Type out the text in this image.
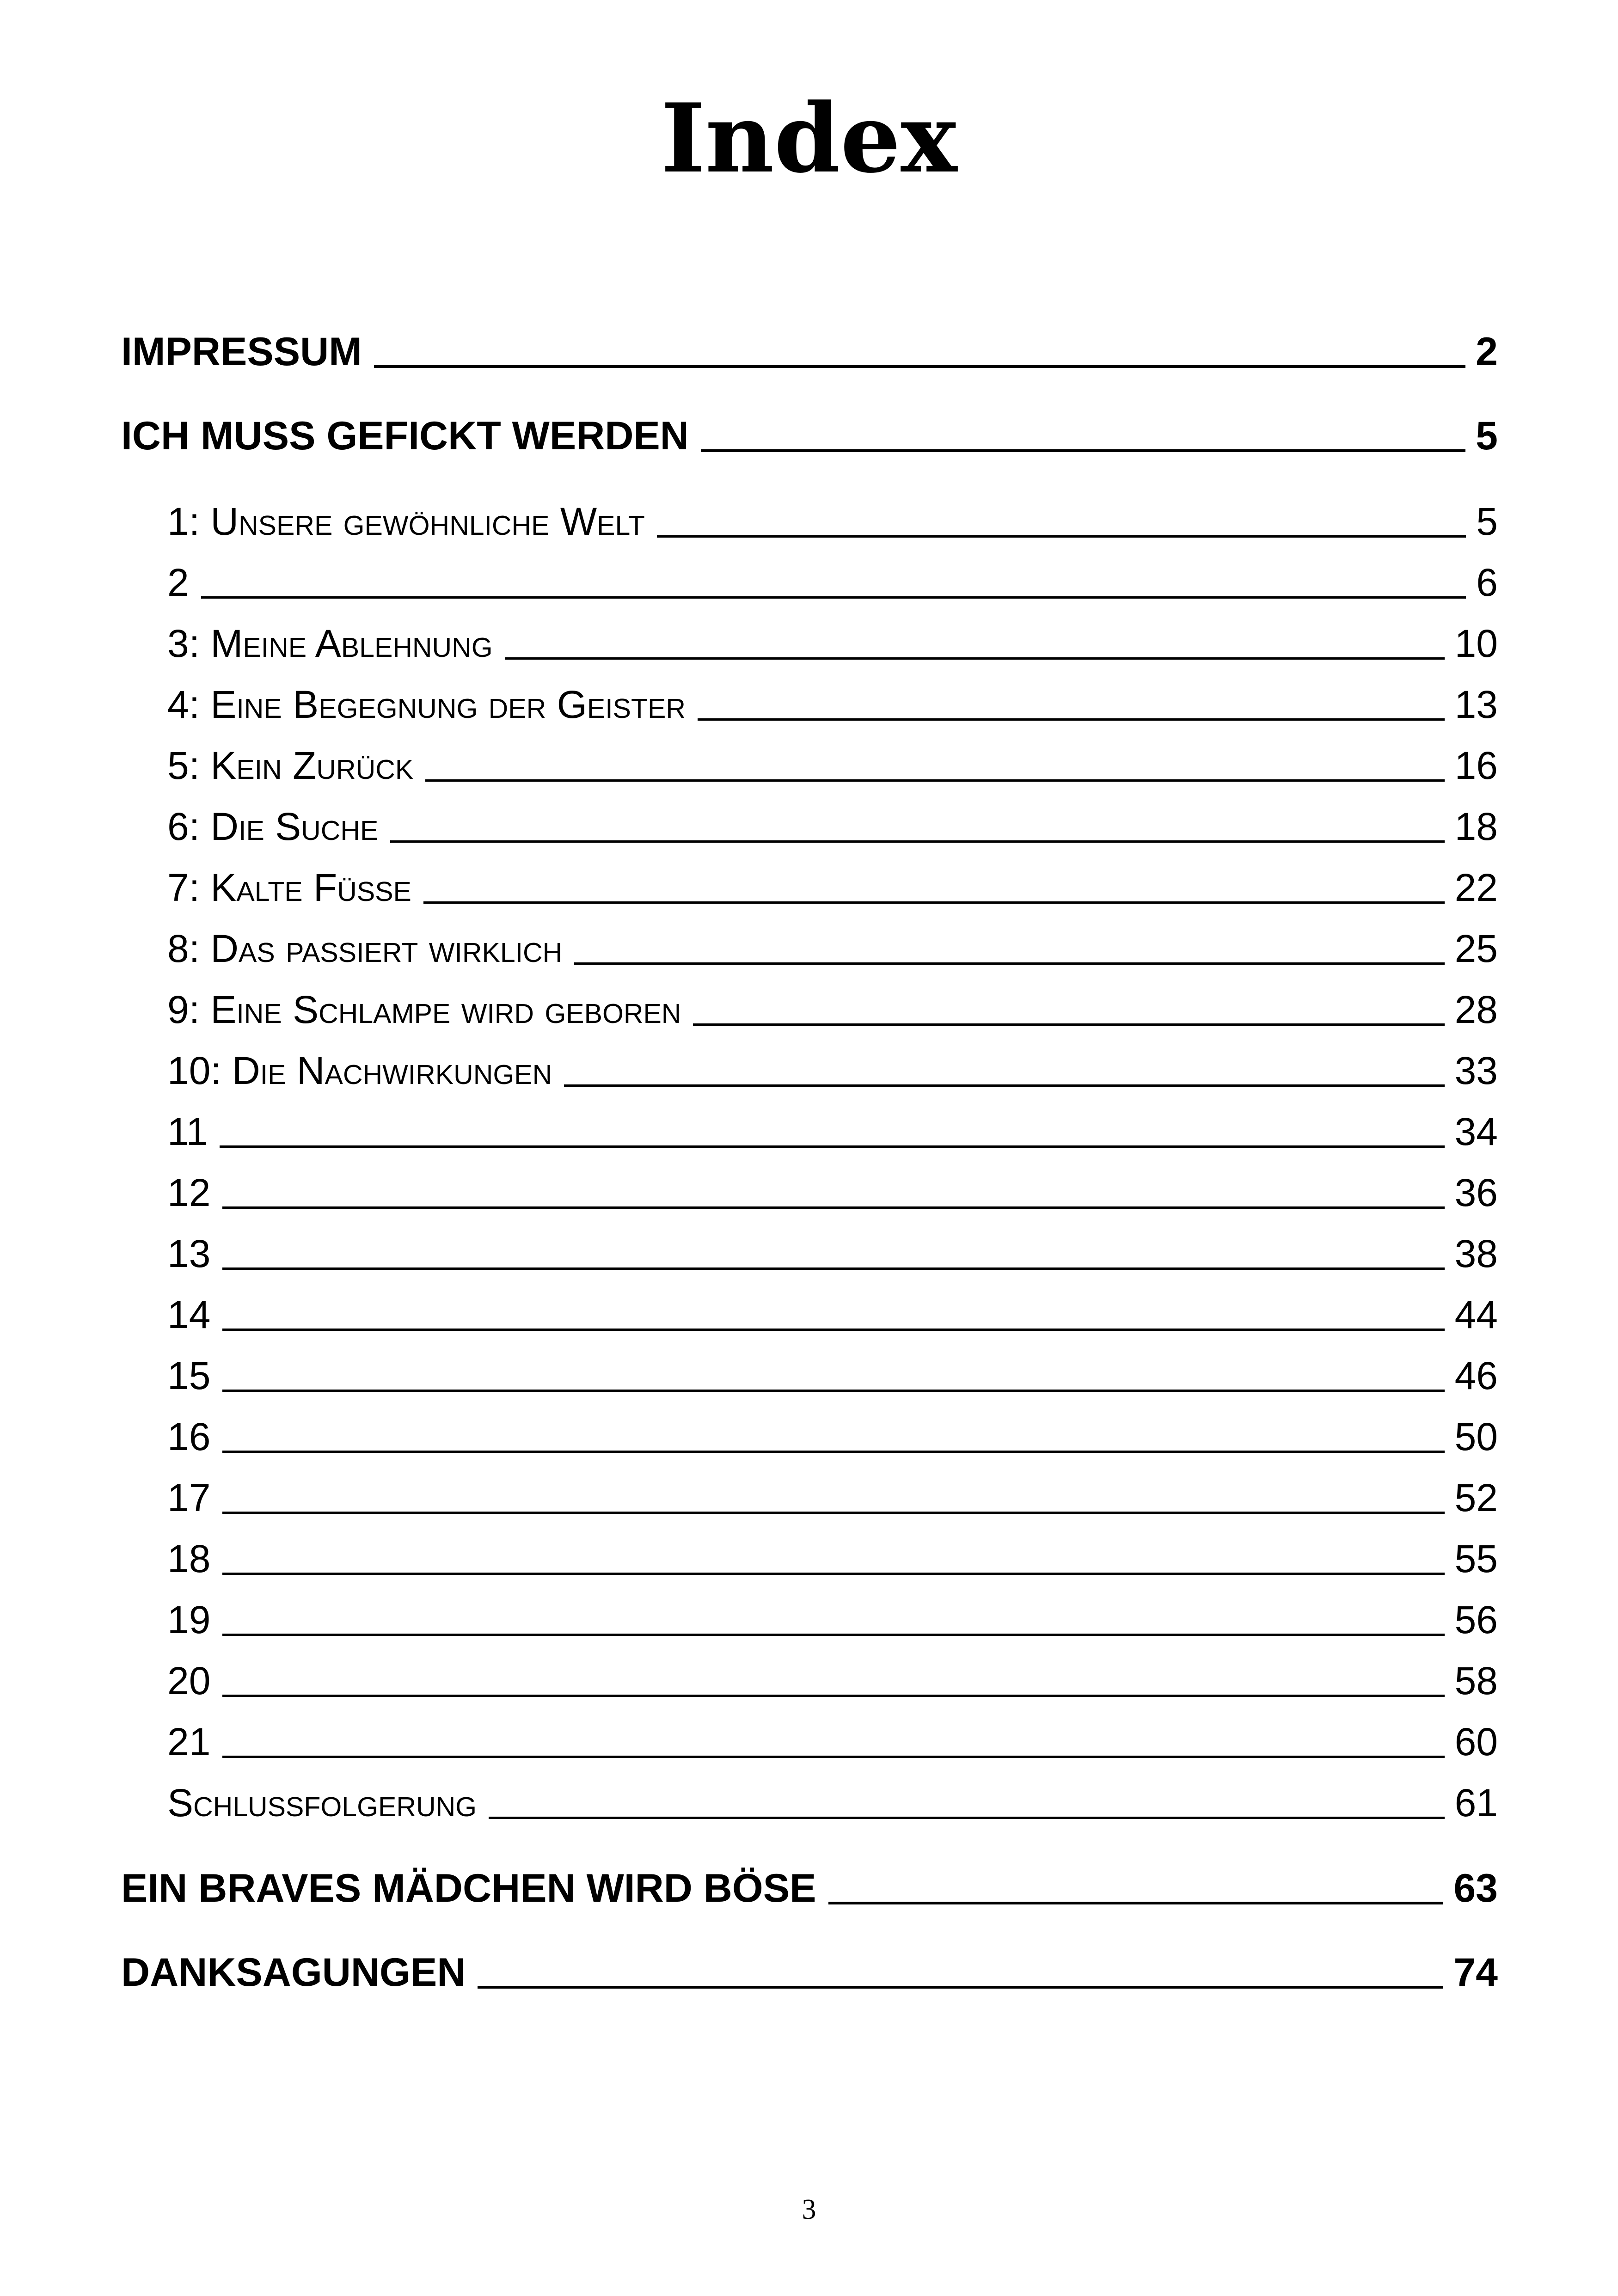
Index
IMPRESSUM	2
ICH MUSS GEFICKT WERDEN	5
1: Unsere gewöhnliche Welt	5
2	6
3: Meine Ablehnung	10
4: Eine Begegnung der Geister	13
5: Kein Zurück	16
6: Die Suche	18
7: Kalte Füße	22
8: Das passiert wirklich	25
9: Eine Schlampe wird geboren	28
10: Die Nachwirkungen	33
11	34
12	36
13	38
14	44
15	46
16	50
17	52
18	55
19	56
20	58
21	60
Schlussfolgerung	61
EIN BRAVES MÄDCHEN WIRD BÖSE	63
DANKSAGUNGEN	74
3
